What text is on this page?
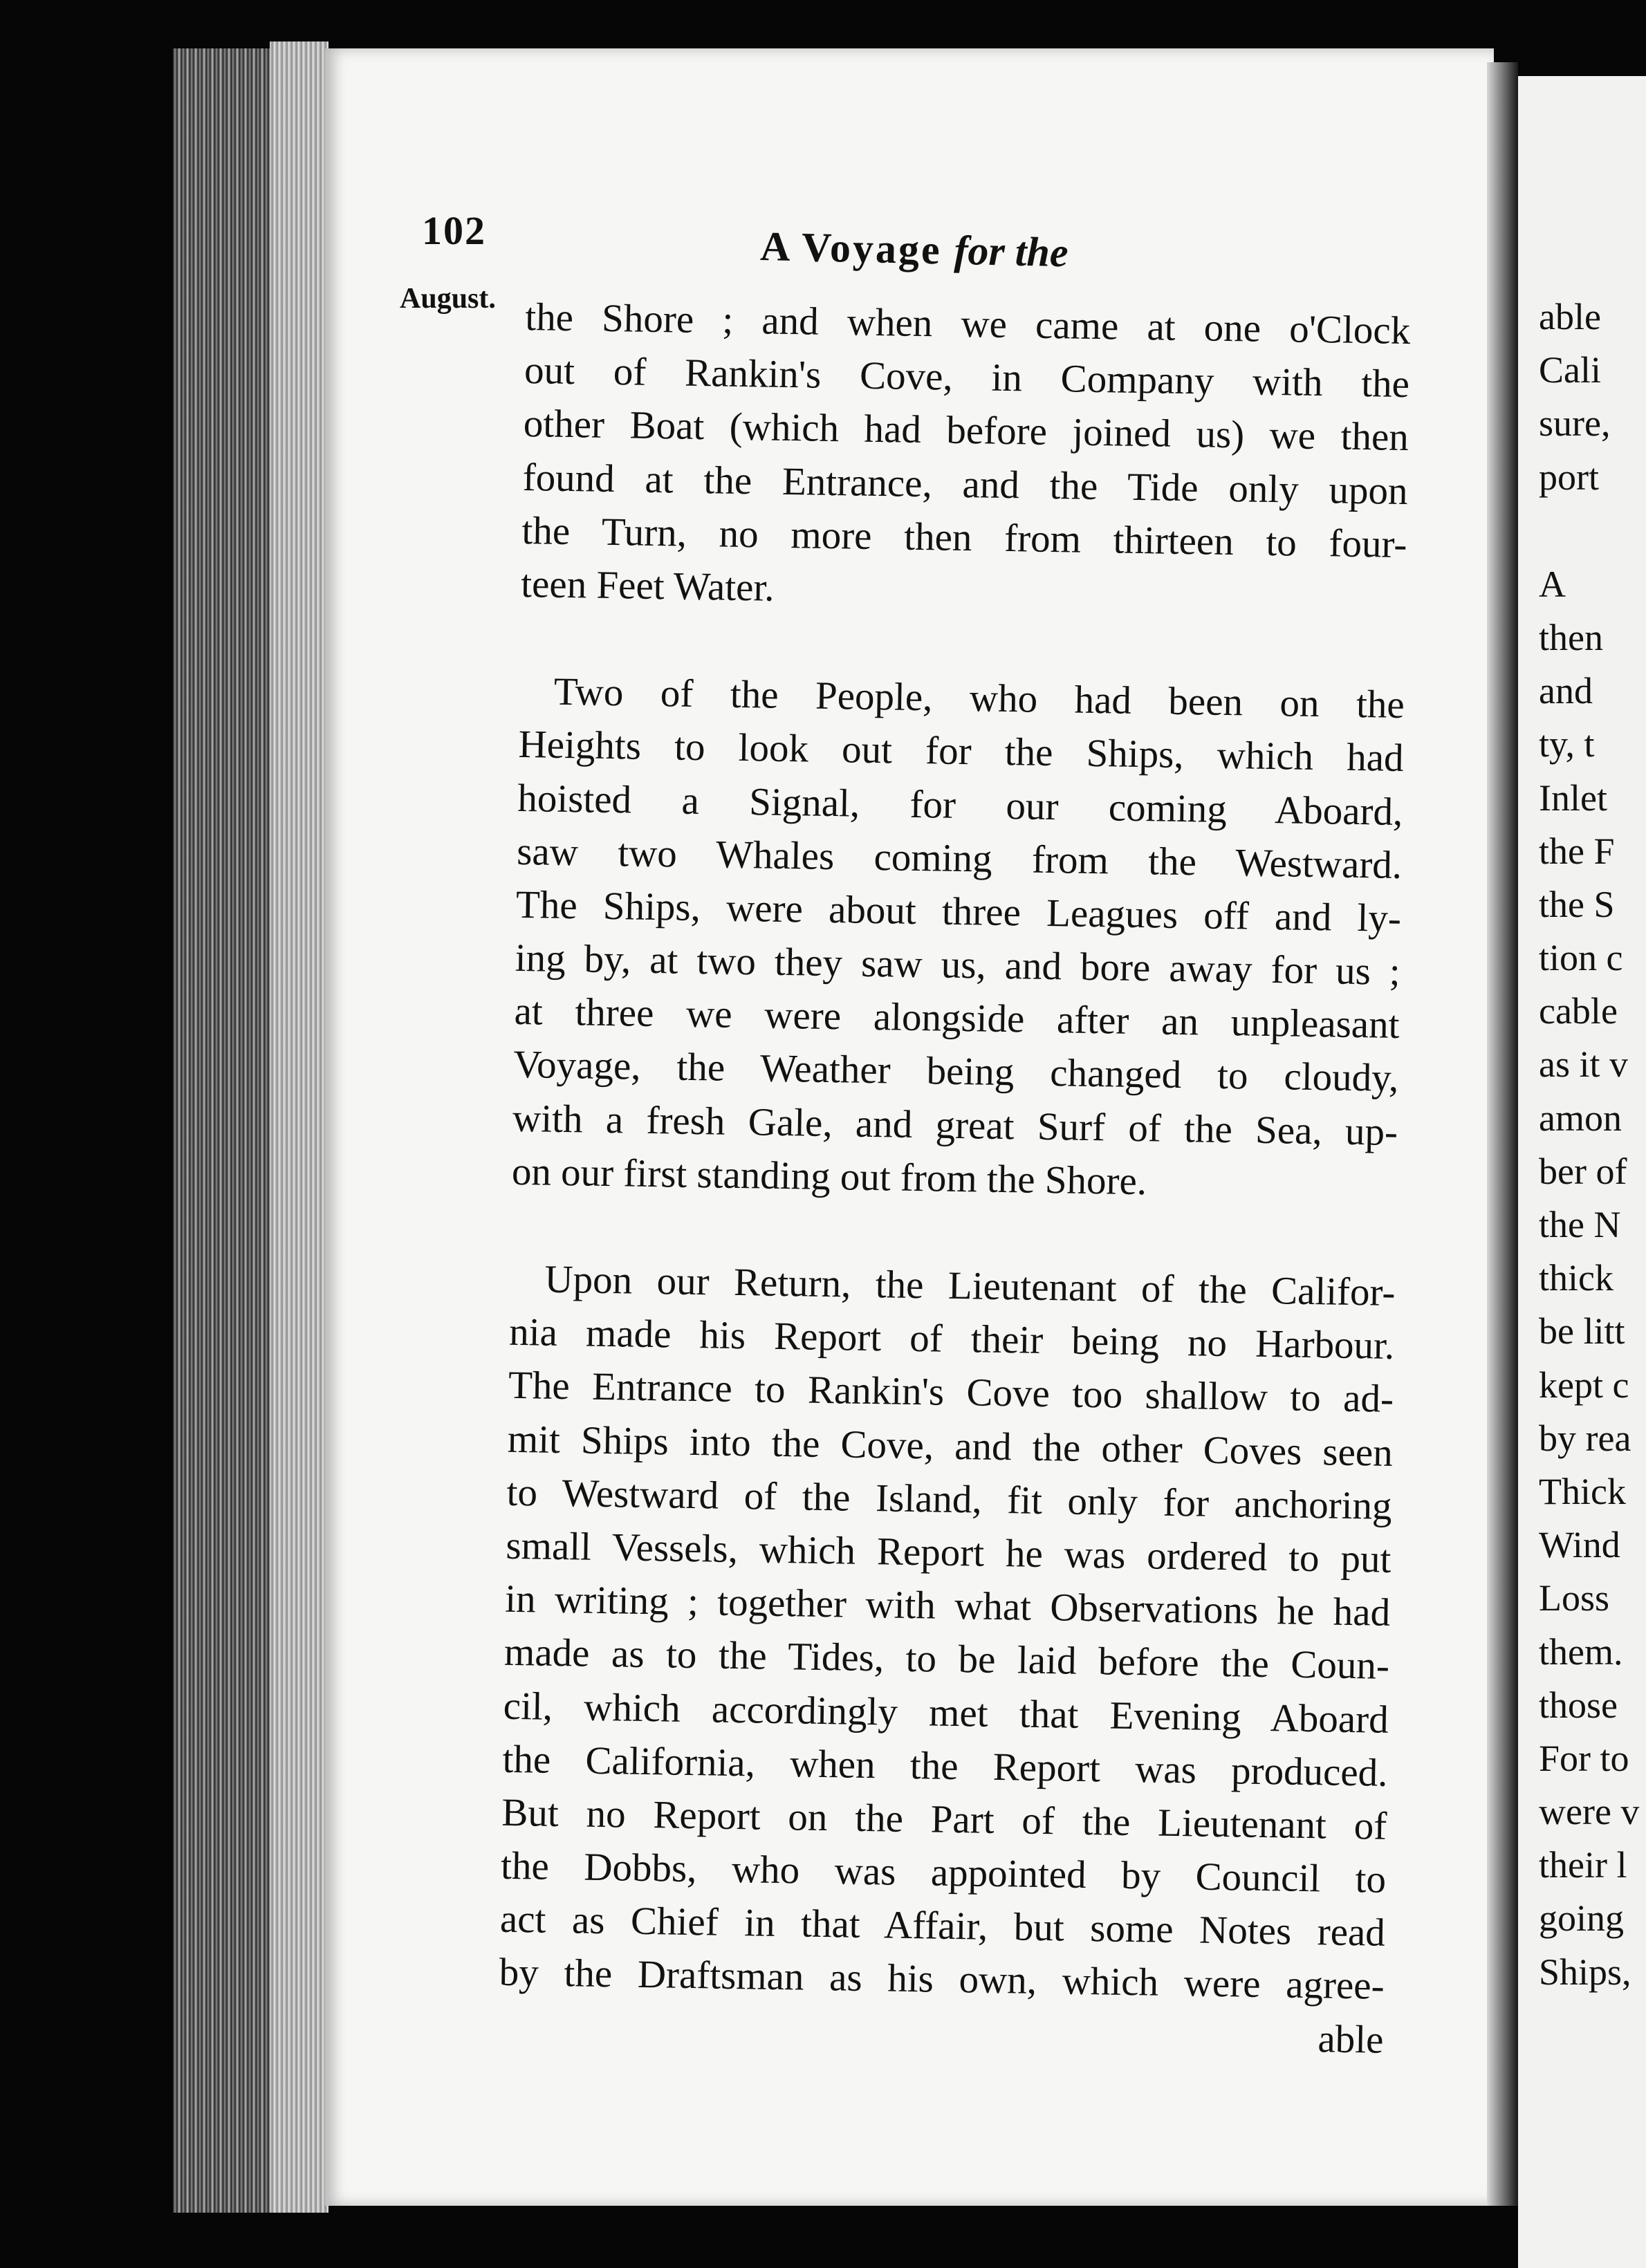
able
Cali
sure,
port
A
then
and
ty, t
Inlet
the F
the S
tion c
cable
as it v
amon
ber of
the N
thick
be litt
kept c
by rea
Thick
Wind
Loss
them.
those
For to
were v
their l
going
Ships,
102	A Voyage for the
August. the Shore ; and when we came at one o'Clock
out of Rankin's Cove, in Company with the
other Boat (which had before joined us) we then
found at the Entrance, and the Tide only upon
the Turn, no more then from thirteen to four-
teen Feet Water.
Two of the People, who had been on the
Heights to look out for the Ships, which had
hoisted a Signal, for our coming Aboard,
saw two Whales coming from the Westward.
The Ships, were about three Leagues off and ly-
ing by, at two they saw us, and bore away for us ;
at three we were alongside after an unpleasant
Voyage, the Weather being changed to cloudy,
with a fresh Gale, and great Surf of the Sea, up-
on our first standing out from the Shore.
Upon our Return, the Lieutenant of the Califor-
nia made his Report of their being no Harbour.
The Entrance to Rankin's Cove too shallow to ad-
mit Ships into the Cove, and the other Coves seen
to Westward of the Island, fit only for anchoring
small Vessels, which Report he was ordered to put
in writing ; together with what Observations he had
made as to the Tides, to be laid before the Coun-
cil, which accordingly met that Evening Aboard
the California, when the Report was produced.
But no Report on the Part of the Lieutenant of
the Dobbs, who was appointed by Council to
act as Chief in that Affair, but some Notes read
by the Draftsman as his own, which were agree-
able
